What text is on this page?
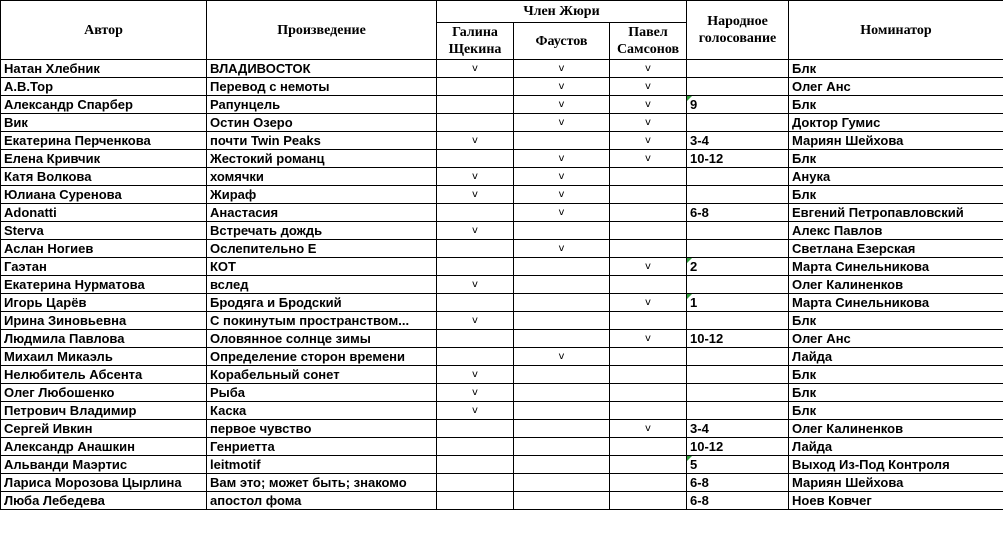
Автор	Произведение	Член Жюри			Народное голосование	Номинатор
		Галина Щекина	Фаустов	Павел Самсонов		
Натан Хлебник	ВЛАДИВОСТОК	v	v	v		Блк
А.В.Тор	Перевод с немоты		v	v		Олег Анс
Александр Спарбер	Рапунцель		v	v	9	Блк
Вик	Остин Озеро		v	v		Доктор Гумис
Екатерина Перченкова	почти Twin Peaks	v		v	3-4	Мариян Шейхова
Елена Кривчик	Жестокий романц		v	v	10-12	Блк
Катя Волкова	хомячки	v	v			Анука
Юлиана Суренова	Жираф	v	v			Блк
Adonatti	Анастасия		v		6-8	Евгений Петропавловский
Sterva	Встречать дождь	v				Алекс Павлов
Аслан Ногиев	Ослепительно Е		v			Светлана Езерская
Гаэтан	КОТ			v	2	Марта Синельникова
Екатерина Нурматова	вслед	v				Олег Калиненков
Игорь Царёв	Бродяга и Бродский			v	1	Марта Синельникова
Ирина Зиновьевна	С покинутым пространством...	v				Блк
Людмила Павлова	Оловянное солнце зимы			v	10-12	Олег Анс
Михаил Микаэль	Определение сторон времени		v			Лайда
Нелюбитель Абсента	Корабельный сонет	v				Блк
Олег Любошенко	Рыба	v				Блк
Петрович Владимир	Каска	v				Блк
Сергей Ивкин	первое чувство			v	3-4	Олег Калиненков
Александр Анашкин	Генриетта				10-12	Лайда
Альванди Маэртис	leitmotif				5	Выход Из-Под Контроля
Лариса Морозова Цырлина	Вам это; может быть; знакомо				6-8	Мариян Шейхова
Люба Лебедева	апостол фома				6-8	Ноев Ковчег
